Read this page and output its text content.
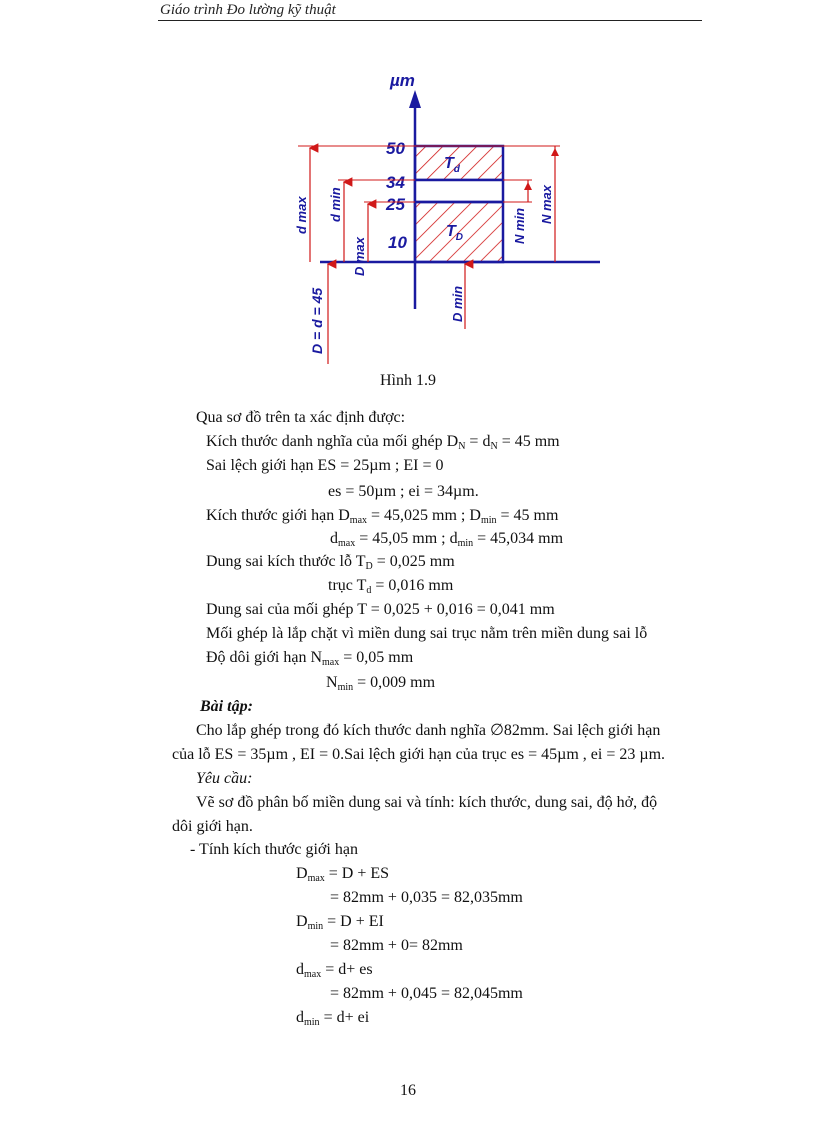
Giáo trình Đo lường kỹ thuật
µm
$T_d$
$T_D$
50
34
25
10
d max d min
D max
D min
N min
N max
D = d = 45
Hình 1.9
Qua sơ đồ trên ta xác định được:
Kích thước danh nghĩa của mối ghép $D_N = d_N = 45$ mm
Sai lệch giới hạn ES = 25µm ; EI = 0
es = 50µm ; ei = 34µm.
Kích thước giới hạn $D_{max} = 45,025$ mm ; $D_{min} = 45$ mm
$d_{max} = 45,05$ mm ; $d_{min} = 45,034$ mm
Dung sai kích thước lỗ $T_D = 0,025$ mm
trục $T_d = 0,016$ mm
Dung sai của mối ghép T = 0,025 + 0,016 = 0,041 mm
Mối ghép là lắp chặt vì miền dung sai trục nằm trên miền dung sai lỗ
Độ dôi giới hạn $N_{max} = 0,05$ mm
$N_{min} = 0,009$ mm
Bài tập:
Cho lắp ghép trong đó kích thước danh nghĩa ∅82mm. Sai lệch giới hạn
của lỗ ES = 35µm , EI = 0.Sai lệch giới hạn của trục es = 45µm , ei = 23 µm.
Yêu cầu:
Vẽ sơ đồ phân bố miền dung sai và tính: kích thước, dung sai, độ hở, độ
dôi giới hạn.
- Tính kích thước giới hạn
$D_{max} = D$ + ES
= 82mm + 0,035 = 82,035mm
$D_{min} = D$ + EI
= 82mm + 0= 82mm
$d_{max} = d+$ es
= 82mm + 0,045 = 82,045mm
$d_{min} = d+$ ei
16
